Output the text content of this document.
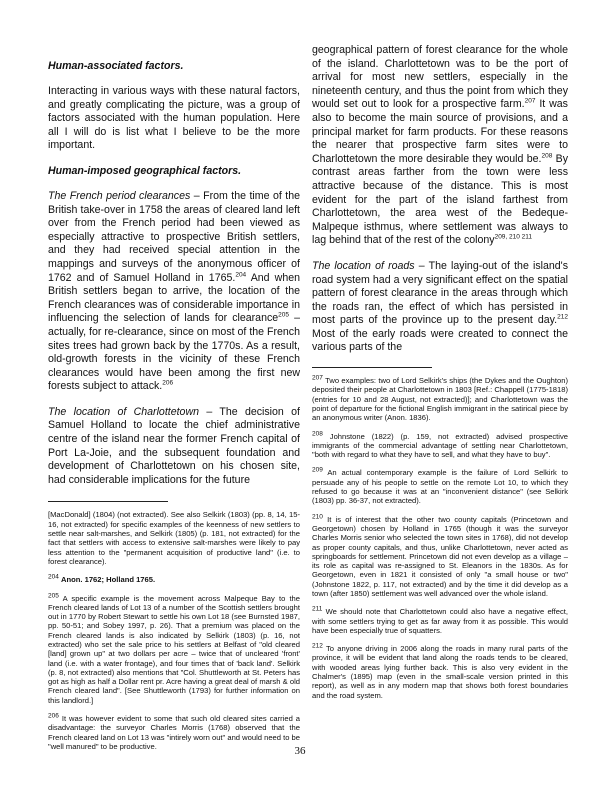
Human-associated factors.

Interacting in various ways with these natural factors, and greatly complicating the picture, was a group of factors associated with the human population. Here all I will do is list what I believe to be the more important.

Human-imposed geographical factors.

The French period clearances – From the time of the British take-over in 1758 the areas of cleared land left over from the French period had been viewed as especially attractive to prospective British settlers, and they had received special attention in the mappings and surveys of the anonymous officer of 1762 and of Samuel Holland in 1765.$^{204}$ And when British settlers began to arrive, the location of the French clearances was of considerable importance in influencing the selection of lands for clearance$^{205}$ – actually, for re-clearance, since on most of the French sites trees had grown back by the 1770s. As a result, old-growth forests in the vicinity of these French clearances would have been among the first new forests subject to attack.$^{206}$

The location of Charlottetown – The decision of Samuel Holland to locate the chief administrative centre of the island near the former French capital of Port La-Joie, and the subsequent foundation and development of Charlottetown on his chosen site, had considerable implications for the future

[MacDonald] (1804) (not extracted). See also Selkirk (1803) (pp. 8, 14, 15-16, not extracted) for specific examples of the keenness of new settlers to settle near salt-marshes, and Selkirk (1805) (p. 181, not extracted) for the fact that settlers with access to extensive salt-marshes were likely to pay less attention to the "permanent acquisition of productive land" (i.e. to forest clearance).

$^{204}$ Anon. 1762; Holland 1765.

$^{205}$ A specific example is the movement across Malpeque Bay to the French cleared lands of Lot 13 of a number of the Scottish settlers brought out in 1770 by Robert Stewart to settle his own Lot 18 (see Burnsted 1987, pp. 50-51; and Sobey 1997, p. 26). That a premium was placed on the French cleared lands is also indicated by Selkirk (1803) (p. 16, not extracted) who set the sale price to his settlers at Belfast of "old cleared [land] grown up" at two dollars per acre – twice that of uncleared 'front' land (i.e. with a water frontage), and four times that of 'back land'. Selkirk (p. 8, not extracted) also mentions that "Col. Shuttleworth at St. Peters has got as high as half a Dollar rent pr. Acre having a great deal of marsh & old French cleared land". [See Shuttleworth (1793) for further information on this landlord.]

$^{206}$ It was however evident to some that such old cleared sites carried a disadvantage: the surveyor Charles Morris (1768) observed that the French cleared land on Lot 13 was "intirely worn out" and would need to be "well manured" to be productive.

geographical pattern of forest clearance for the whole of the island. Charlottetown was to be the port of arrival for most new settlers, especially in the nineteenth century, and thus the point from which they would set out to look for a prospective farm.$^{207}$ It was also to become the main source of provisions, and a principal market for farm products. For these reasons the nearer that prospective farm sites were to Charlottetown the more desirable they would be.$^{208}$ By contrast areas farther from the town were less attractive because of the distance. This is most evident for the part of the island farthest from Charlottetown, the area west of the Bedeque-Malpeque isthmus, where settlement was always to lag behind that of the rest of the colony$^{209, 210 211}$

The location of roads – The laying-out of the island's road system had a very significant effect on the spatial pattern of forest clearance in the areas through which the roads ran, the effect of which has persisted in most parts of the province up to the present day.$^{212}$ Most of the early roads were created to connect the various parts of the

$^{207}$ Two examples: two of Lord Selkirk's ships (the Dykes and the Oughton) deposited their people at Charlottetown in 1803 [Ref.: Chappell (1775-1818) (entries for 10 and 28 August, not extracted)]; and Charlottetown was the point of departure for the fictional English immigrant in the satirical piece by an anonymous writer (Anon. 1836).

$^{208}$ Johnstone (1822) (p. 159, not extracted) advised prospective immigrants of the commercial advantage of settling near Charlottetown, "both with regard to what they have to sell, and what they have to buy".

$^{209}$ An actual contemporary example is the failure of Lord Selkirk to persuade any of his people to settle on the remote Lot 10, to which they refused to go because it was at an "inconvenient distance" (see Selkirk (1803) pp. 36-37, not extracted).

$^{210}$ It is of interest that the other two county capitals (Princetown and Georgetown) chosen by Holland in 1765 (though it was the surveyor Charles Morris senior who selected the town sites in 1768), did not develop as proper county capitals, and thus, unlike Charlottetown, never acted as springboards for settlement. Princetown did not even develop as a village – its role as capital was re-assigned to St. Eleanors in the 1830s. As for Georgetown, even in 1821 it consisted of only "a small house or two" (Johnstone 1822, p. 117, not extracted) and by the time it did develop as a town (after 1850) settlement was well advanced over the whole island.

$^{211}$ We should note that Charlottetown could also have a negative effect, with some settlers trying to get as far away from it as possible. This would have been especially true of squatters.

$^{212}$ To anyone driving in 2006 along the roads in many rural parts of the province, it will be evident that land along the roads tends to be cleared, with wooded areas lying further back. This is also very evident in the Chalmer's (1895) map (even in the small-scale version printed in this report), as well as in any modern map that shows both forest boundaries and the road system.

36
